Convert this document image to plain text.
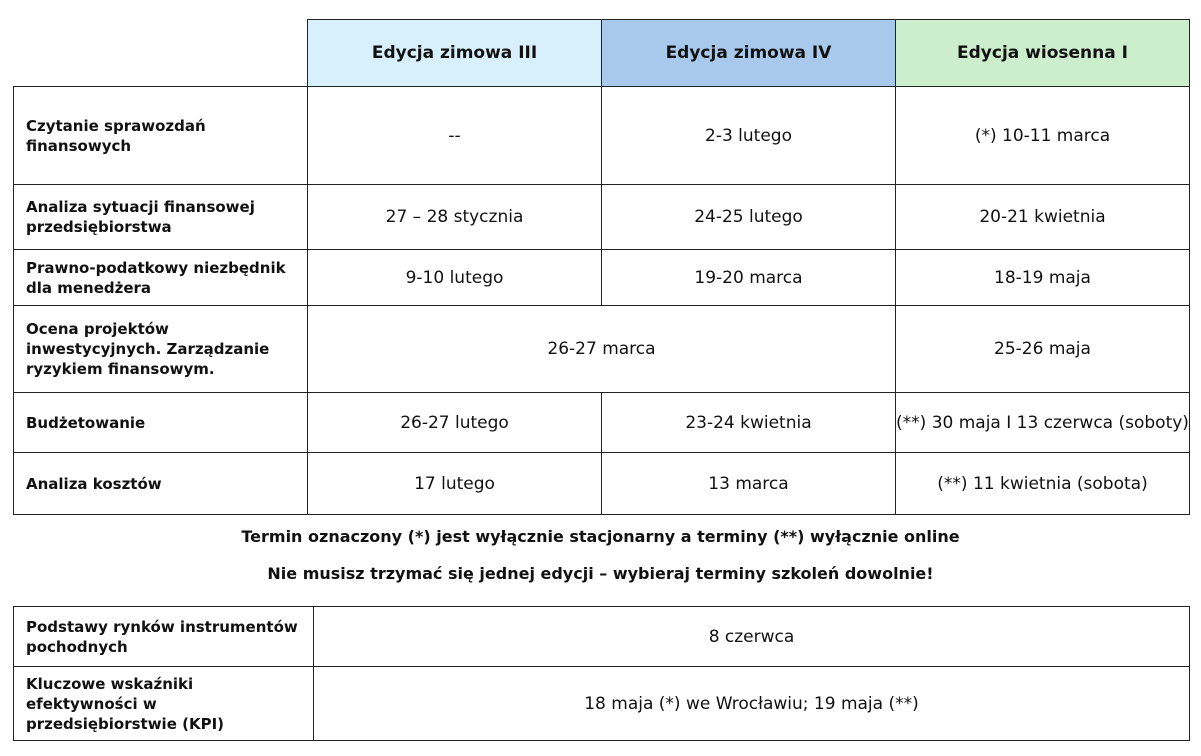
	Edycja zimowa III	Edycja zimowa IV	Edycja wiosenna I
Czytanie sprawozdań finansowych	--	2-3 lutego	(*) 10-11 marca
Analiza sytuacji finansowej przedsiębiorstwa	27 – 28 stycznia	24-25 lutego	20-21 kwietnia
Prawno-podatkowy niezbędnik dla menedżera	9-10 lutego	19-20 marca	18-19 maja
Ocena projektów inwestycyjnych. Zarządzanie ryzykiem finansowym.	26-27 marca		25-26 maja
Budżetowanie	26-27 lutego	23-24 kwietnia	(**) 30 maja I 13 czerwca (soboty)
Analiza kosztów	17 lutego	13 marca	(**) 11 kwietnia (sobota)
Termin oznaczony (*) jest wyłącznie stacjonarny a terminy (**) wyłącznie online
Nie musisz trzymać się jednej edycji – wybieraj terminy szkoleń dowolnie!
Podstawy rynków instrumentów pochodnych	8 czerwca
Kluczowe wskaźniki efektywności w przedsiębiorstwie (KPI)	18 maja (*) we Wrocławiu; 19 maja (**)
